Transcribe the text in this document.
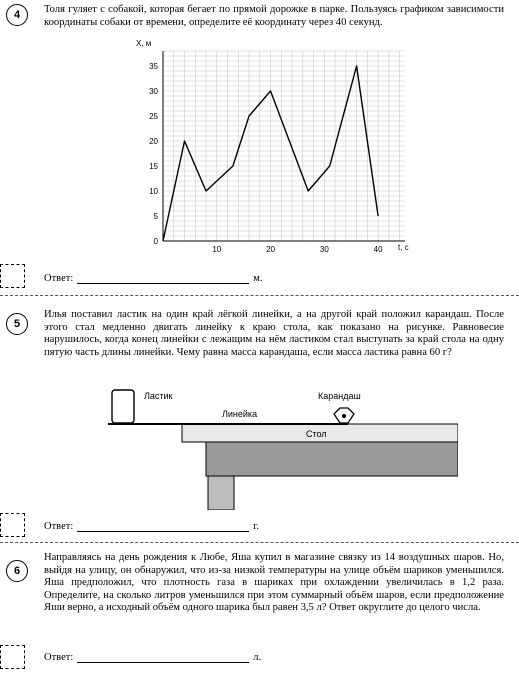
4 Толя гуляет с собакой, которая бегает по прямой дорожке в парке. Пользуясь графиком зависимости координаты собаки от времени, определите её координату через 40 секунд.

10	20	30	40
0
5
10
15
20
25
30
35
X, м
t, с
Ответ:	м.
5

Илья поставил ластик на один край лёгкой линейки, а на другой край положил карандаш. После этого стал медленно двигать линейку к краю стола, как показано на рисунке. Равновесие нарушилось, когда конец линейки с лежащим на нём ластиком стал выступать за край стола на одну пятую часть длины линейки. Чему равна масса карандаша, если масса ластика равна 60 г?

Ластик
Линейка
Карандаш
Стол
Ответ:	г.
6

Направляясь на день рождения к Любе, Яша купил в магазине связку из 14 воздушных шаров. Но, выйдя на улицу, он обнаружил, что из-за низкой температуры на улице объём шариков уменьшился. Яша предположил, что плотность газа в шариках при охлаждении увеличилась в 1,2 раза. Определите, на сколько литров уменьшился при этом суммарный объём шаров, если предположение Яши верно, а исходный объём одного шарика был равен 3,5 л? Ответ округлите до целого числа.

Ответ:	л.
